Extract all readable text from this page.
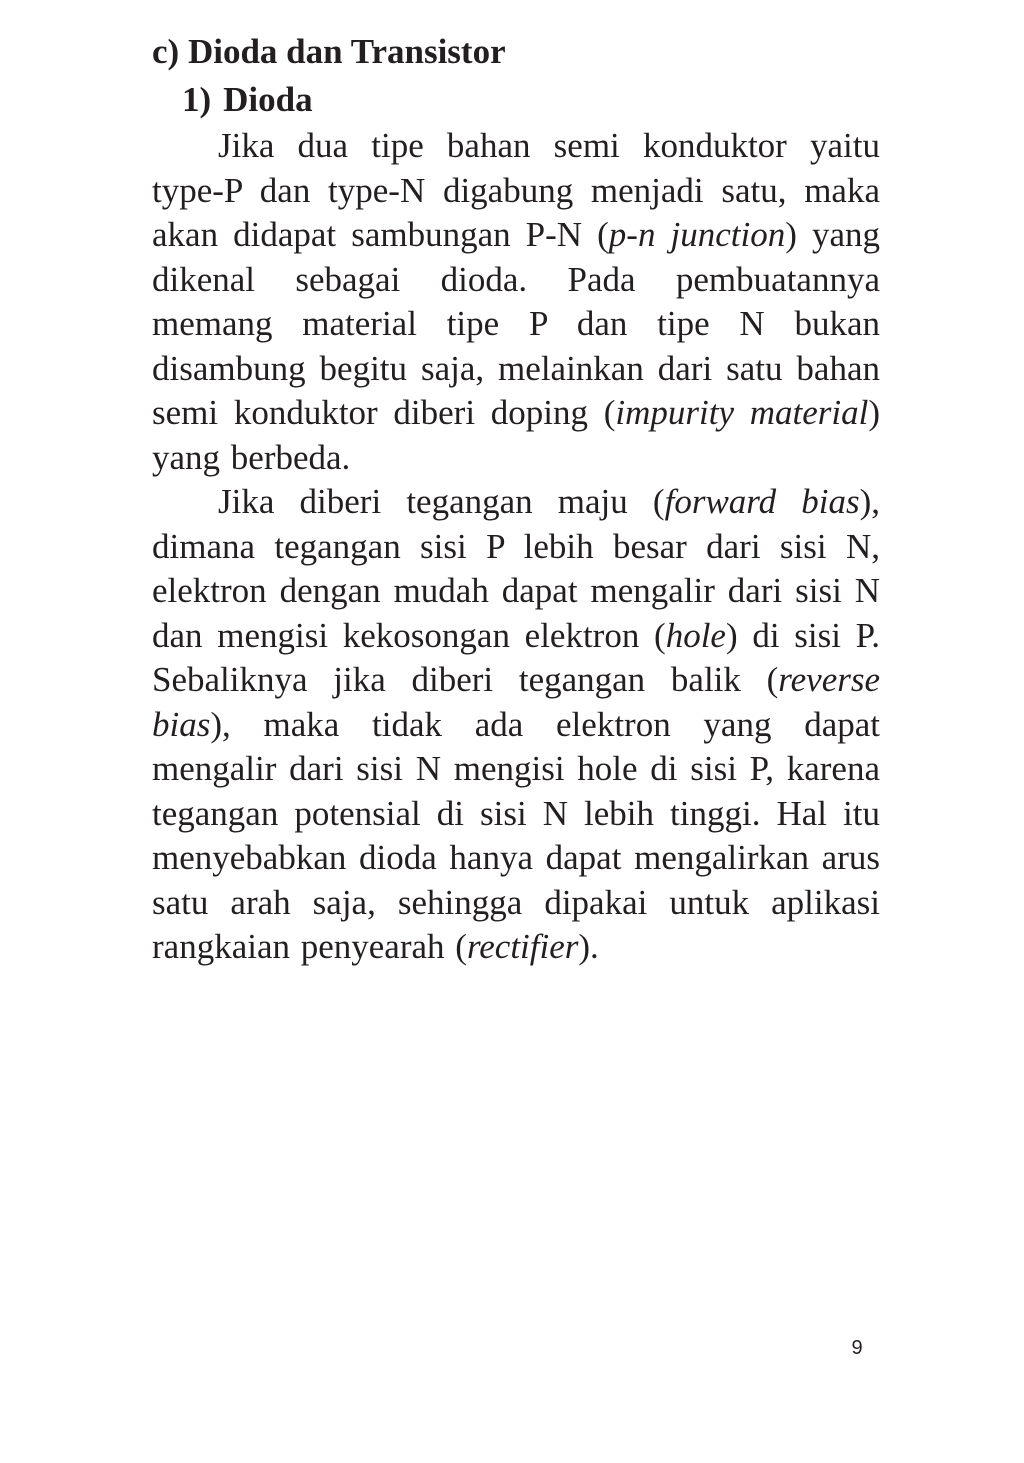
c) Dioda dan Transistor
1) Dioda

Jika dua tipe bahan semi konduktor yaitu type-P dan type-N digabung menjadi satu, maka akan didapat sambungan P-N (p-n junction) yang dikenal sebagai dioda. Pada pembuatannya memang material tipe P dan tipe N bukan disambung begitu saja, melainkan dari satu bahan semi konduktor diberi doping (impurity material) yang berbeda.

Jika diberi tegangan maju (forward bias), dimana tegangan sisi P lebih besar dari sisi N, elektron dengan mudah dapat mengalir dari sisi N dan mengisi kekosongan elektron (hole) di sisi P. Sebaliknya jika diberi tegangan balik (reverse bias), maka tidak ada elektron yang dapat mengalir dari sisi N mengisi hole di sisi P, karena tegangan potensial di sisi N lebih tinggi. Hal itu menyebabkan dioda hanya dapat mengalirkan arus satu arah saja, sehingga dipakai untuk aplikasi rangkaian penyearah (rectifier).

9
